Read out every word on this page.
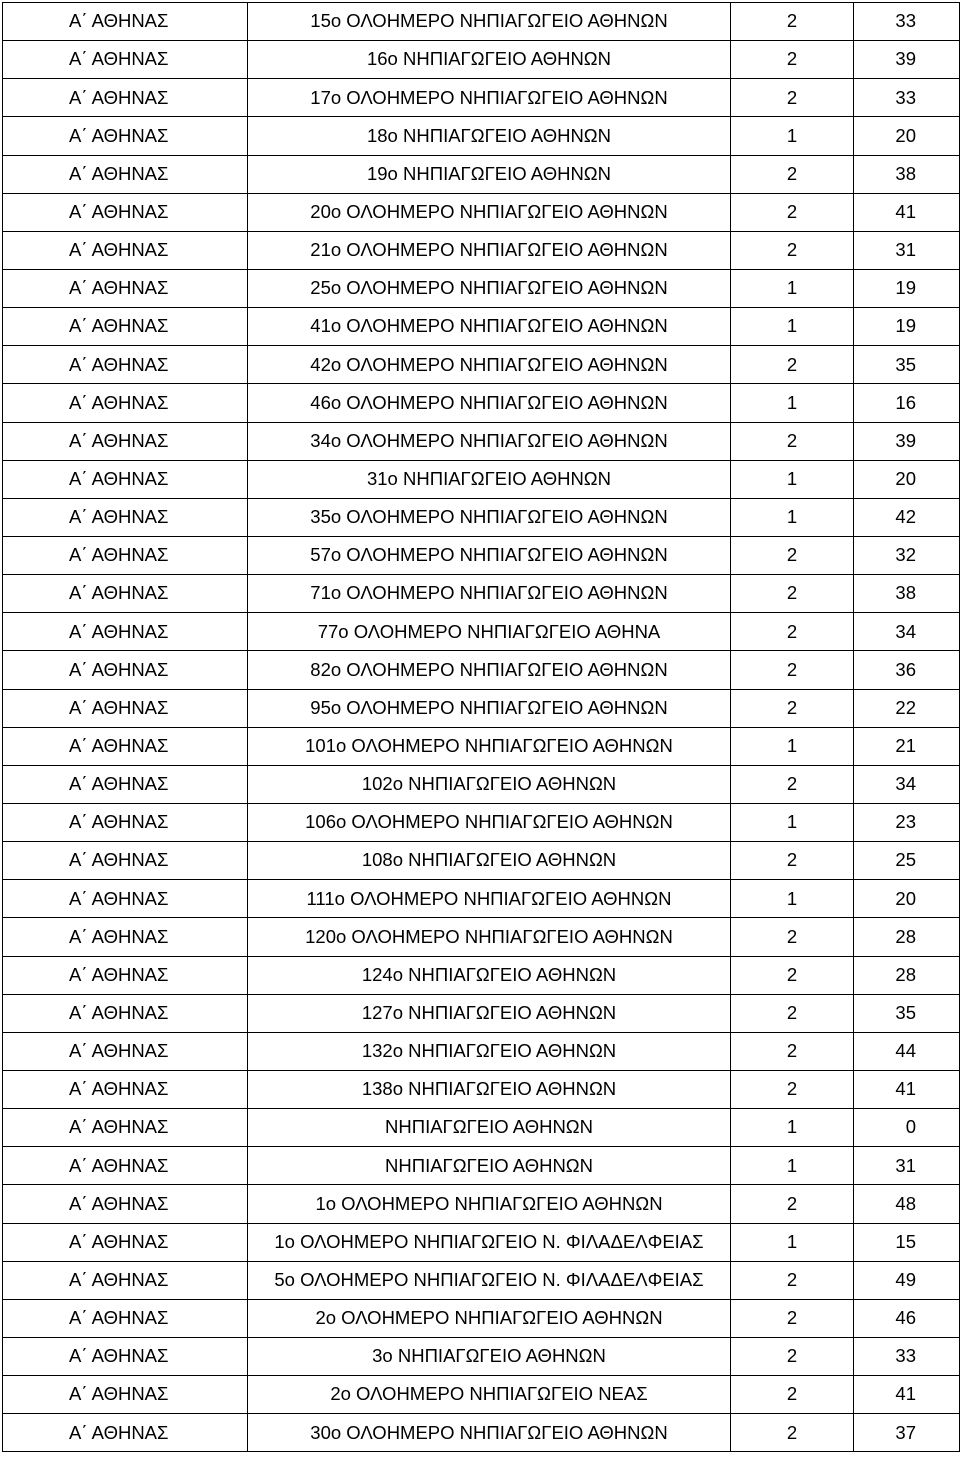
Α΄ ΑΘΗΝΑΣ	15ο ΟΛΟΗΜΕΡΟ ΝΗΠΙΑΓΩΓΕΙΟ ΑΘΗΝΩΝ	2	33
Α΄ ΑΘΗΝΑΣ	16ο ΝΗΠΙΑΓΩΓΕΙΟ ΑΘΗΝΩΝ	2	39
Α΄ ΑΘΗΝΑΣ	17ο ΟΛΟΗΜΕΡΟ ΝΗΠΙΑΓΩΓΕΙΟ ΑΘΗΝΩΝ	2	33
Α΄ ΑΘΗΝΑΣ	18ο ΝΗΠΙΑΓΩΓΕΙΟ ΑΘΗΝΩΝ	1	20
Α΄ ΑΘΗΝΑΣ	19ο ΝΗΠΙΑΓΩΓΕΙΟ ΑΘΗΝΩΝ	2	38
Α΄ ΑΘΗΝΑΣ	20ο ΟΛΟΗΜΕΡΟ ΝΗΠΙΑΓΩΓΕΙΟ ΑΘΗΝΩΝ	2	41
Α΄ ΑΘΗΝΑΣ	21ο ΟΛΟΗΜΕΡΟ ΝΗΠΙΑΓΩΓΕΙΟ ΑΘΗΝΩΝ	2	31
Α΄ ΑΘΗΝΑΣ	25ο ΟΛΟΗΜΕΡΟ ΝΗΠΙΑΓΩΓΕΙΟ ΑΘΗΝΩΝ	1	19
Α΄ ΑΘΗΝΑΣ	41ο ΟΛΟΗΜΕΡΟ ΝΗΠΙΑΓΩΓΕΙΟ ΑΘΗΝΩΝ	1	19
Α΄ ΑΘΗΝΑΣ	42ο ΟΛΟΗΜΕΡΟ ΝΗΠΙΑΓΩΓΕΙΟ ΑΘΗΝΩΝ	2	35
Α΄ ΑΘΗΝΑΣ	46ο ΟΛΟΗΜΕΡΟ ΝΗΠΙΑΓΩΓΕΙΟ ΑΘΗΝΩΝ	1	16
Α΄ ΑΘΗΝΑΣ	34ο ΟΛΟΗΜΕΡΟ ΝΗΠΙΑΓΩΓΕΙΟ ΑΘΗΝΩΝ	2	39
Α΄ ΑΘΗΝΑΣ	31ο ΝΗΠΙΑΓΩΓΕΙΟ ΑΘΗΝΩΝ	1	20
Α΄ ΑΘΗΝΑΣ	35ο ΟΛΟΗΜΕΡΟ ΝΗΠΙΑΓΩΓΕΙΟ ΑΘΗΝΩΝ	1	42
Α΄ ΑΘΗΝΑΣ	57ο ΟΛΟΗΜΕΡΟ ΝΗΠΙΑΓΩΓΕΙΟ ΑΘΗΝΩΝ	2	32
Α΄ ΑΘΗΝΑΣ	71ο ΟΛΟΗΜΕΡΟ ΝΗΠΙΑΓΩΓΕΙΟ ΑΘΗΝΩΝ	2	38
Α΄ ΑΘΗΝΑΣ	77ο ΟΛΟΗΜΕΡΟ ΝΗΠΙΑΓΩΓΕΙΟ ΑΘΗΝΑ	2	34
Α΄ ΑΘΗΝΑΣ	82ο ΟΛΟΗΜΕΡΟ ΝΗΠΙΑΓΩΓΕΙΟ ΑΘΗΝΩΝ	2	36
Α΄ ΑΘΗΝΑΣ	95ο ΟΛΟΗΜΕΡΟ ΝΗΠΙΑΓΩΓΕΙΟ ΑΘΗΝΩΝ	2	22
Α΄ ΑΘΗΝΑΣ	101ο ΟΛΟΗΜΕΡΟ ΝΗΠΙΑΓΩΓΕΙΟ ΑΘΗΝΩΝ	1	21
Α΄ ΑΘΗΝΑΣ	102ο ΝΗΠΙΑΓΩΓΕΙΟ ΑΘΗΝΩΝ	2	34
Α΄ ΑΘΗΝΑΣ	106ο ΟΛΟΗΜΕΡΟ ΝΗΠΙΑΓΩΓΕΙΟ ΑΘΗΝΩΝ	1	23
Α΄ ΑΘΗΝΑΣ	108ο ΝΗΠΙΑΓΩΓΕΙΟ ΑΘΗΝΩΝ	2	25
Α΄ ΑΘΗΝΑΣ	111ο ΟΛΟΗΜΕΡΟ ΝΗΠΙΑΓΩΓΕΙΟ ΑΘΗΝΩΝ	1	20
Α΄ ΑΘΗΝΑΣ	120ο ΟΛΟΗΜΕΡΟ ΝΗΠΙΑΓΩΓΕΙΟ ΑΘΗΝΩΝ	2	28
Α΄ ΑΘΗΝΑΣ	124ο ΝΗΠΙΑΓΩΓΕΙΟ ΑΘΗΝΩΝ	2	28
Α΄ ΑΘΗΝΑΣ	127ο ΝΗΠΙΑΓΩΓΕΙΟ ΑΘΗΝΩΝ	2	35
Α΄ ΑΘΗΝΑΣ	132ο ΝΗΠΙΑΓΩΓΕΙΟ ΑΘΗΝΩΝ	2	44
Α΄ ΑΘΗΝΑΣ	138ο ΝΗΠΙΑΓΩΓΕΙΟ ΑΘΗΝΩΝ	2	41
Α΄ ΑΘΗΝΑΣ	ΝΗΠΙΑΓΩΓΕΙΟ ΑΘΗΝΩΝ	1	0
Α΄ ΑΘΗΝΑΣ	ΝΗΠΙΑΓΩΓΕΙΟ ΑΘΗΝΩΝ	1	31
Α΄ ΑΘΗΝΑΣ	1ο ΟΛΟΗΜΕΡΟ ΝΗΠΙΑΓΩΓΕΙΟ ΑΘΗΝΩΝ	2	48
Α΄ ΑΘΗΝΑΣ	1ο ΟΛΟΗΜΕΡΟ ΝΗΠΙΑΓΩΓΕΙΟ Ν. ΦΙΛΑΔΕΛΦΕΙΑΣ	1	15
Α΄ ΑΘΗΝΑΣ	5ο ΟΛΟΗΜΕΡΟ ΝΗΠΙΑΓΩΓΕΙΟ Ν. ΦΙΛΑΔΕΛΦΕΙΑΣ	2	49
Α΄ ΑΘΗΝΑΣ	2ο ΟΛΟΗΜΕΡΟ ΝΗΠΙΑΓΩΓΕΙΟ ΑΘΗΝΩΝ	2	46
Α΄ ΑΘΗΝΑΣ	3ο ΝΗΠΙΑΓΩΓΕΙΟ ΑΘΗΝΩΝ	2	33
Α΄ ΑΘΗΝΑΣ	2ο ΟΛΟΗΜΕΡΟ ΝΗΠΙΑΓΩΓΕΙΟ ΝΕΑΣ	2	41
Α΄ ΑΘΗΝΑΣ	30ο ΟΛΟΗΜΕΡΟ ΝΗΠΙΑΓΩΓΕΙΟ ΑΘΗΝΩΝ	2	37
